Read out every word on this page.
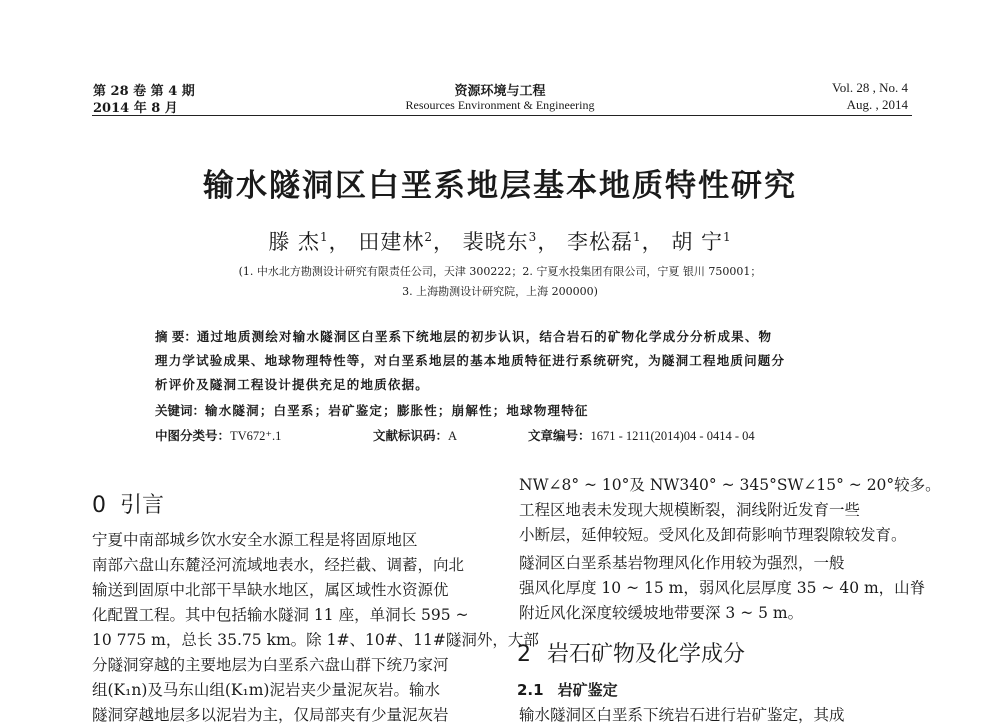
第 28 卷 第 4 期
2014 年 8 月
资源环境与工程
Resources Environment & Engineering
Vol. 28 , No. 4
Aug. , 2014
输水隧洞区白垩系地层基本地质特性研究
滕 杰$^1$， 田建林$^2$， 裴晓东$^3$， 李松磊$^1$， 胡 宁$^1$
(1. 中水北方勘测设计研究有限责任公司，天津 300222；2. 宁夏水投集团有限公司，宁夏 银川 750001；
3. 上海勘测设计研究院，上海 200000)
摘 要：通过地质测绘对输水隧洞区白垩系下统地层的初步认识，结合岩石的矿物化学成分分析成果、物
理力学试验成果、地球物理特性等，对白垩系地层的基本地质特征进行系统研究，为隧洞工程地质问题分
析评价及隧洞工程设计提供充足的地质依据。
关键词：输水隧洞；白垩系；岩矿鉴定；膨胀性；崩解性；地球物理特征
中图分类号：TV672⁺.1	文献标识码：A	文章编号：1671 - 1211(2014)04 - 0414 - 04
0 引言
宁夏中南部城乡饮水安全水源工程是将固原地区
南部六盘山东麓泾河流域地表水，经拦截、调蓄，向北
输送到固原中北部干旱缺水地区，属区域性水资源优
化配置工程。其中包括输水隧洞 11 座，单洞长 595 ~
10 775 m，总长 35.75 km。除 1#、10#、11#隧洞外，大部
分隧洞穿越的主要地层为白垩系六盘山群下统乃家河
组(K₁n)及马东山组(K₁m)泥岩夹少量泥灰岩。输水
隧洞穿越地层多以泥岩为主，仅局部夹有少量泥灰岩
NW∠8° ~ 10°及 NW340° ~ 345°SW∠15° ~ 20°较多。
工程区地表未发现大规模断裂，洞线附近发育一些
小断层，延伸较短。受风化及卸荷影响节理裂隙较发育。
隧洞区白垩系基岩物理风化作用较为强烈，一般
强风化厚度 10 ~ 15 m，弱风化层厚度 35 ~ 40 m，山脊
附近风化深度较缓坡地带要深 3 ~ 5 m。
2 岩石矿物及化学成分
2.1 岩矿鉴定
输水隧洞区白垩系下统岩石进行岩矿鉴定，其成
